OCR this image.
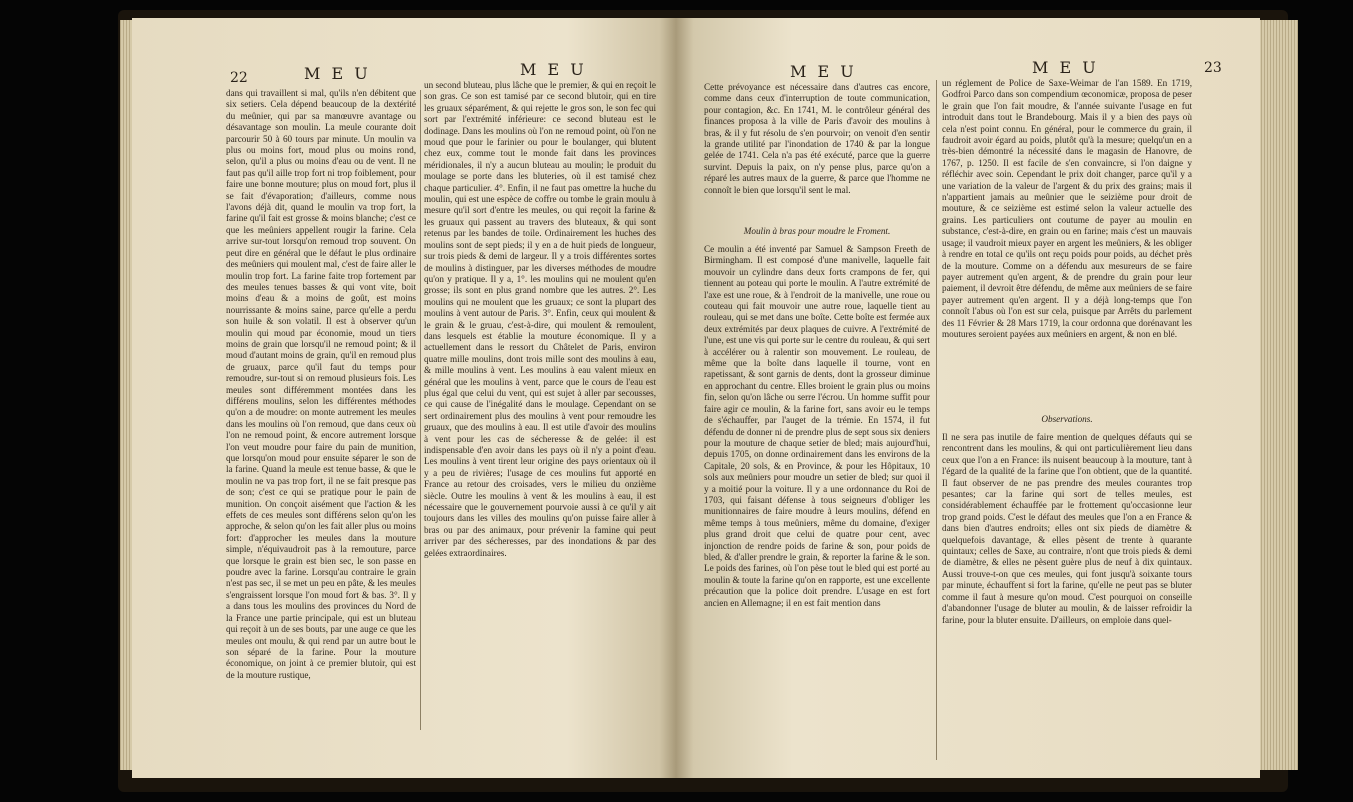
22	M E U	M E U
dans qui travaillent si mal, qu'ils n'en débitent que six setiers. Cela dépend beaucoup de la dextérité du meûnier, qui par sa manœuvre avantage ou désavantage son moulin. La meule courante doit parcourir 50 à 60 tours par minute. Un moulin va plus ou moins fort, moud plus ou moins rond, selon, qu'il a plus ou moins d'eau ou de vent. Il ne faut pas qu'il aille trop fort ni trop foiblement, pour faire une bonne mouture; plus on moud fort, plus il se fait d'évaporation; d'ailleurs, comme nous l'avons déjà dit, quand le moulin va trop fort, la farine qu'il fait est grosse & moins blanche; c'est ce que les meûniers appellent rougir la farine. Cela arrive sur-tout lorsqu'on remoud trop souvent. On peut dire en général que le défaut le plus ordinaire des meûniers qui moulent mal, c'est de faire aller le moulin trop fort. La farine faite trop fortement par des meules tenues basses & qui vont vite, boit moins d'eau & a moins de goût, est moins nourrissante & moins saine, parce qu'elle a perdu son huile & son volatil. Il est à observer qu'un moulin qui moud par économie, moud un tiers moins de grain que lorsqu'il ne remoud point; & il moud d'autant moins de grain, qu'il en remoud plus de gruaux, parce qu'il faut du temps pour remoudre, sur-tout si on remoud plusieurs fois. Les meules sont différemment montées dans les différens moulins, selon les différentes méthodes qu'on a de moudre: on monte autrement les meules dans les moulins où l'on remoud, que dans ceux où l'on ne remoud point, & encore autrement lorsque l'on veut moudre pour faire du pain de munition, que lorsqu'on moud pour ensuite séparer le son de la farine. Quand la meule est tenue basse, & que le moulin ne va pas trop fort, il ne se fait presque pas de son; c'est ce qui se pratique pour le pain de munition. On conçoit aisément que l'action & les effets de ces meules sont différens selon qu'on les approche, & selon qu'on les fait aller plus ou moins fort: d'approcher les meules dans la mouture simple, n'équivaudroit pas à la remouture, parce que lorsque le grain est bien sec, le son passe en poudre avec la farine. Lorsqu'au contraire le grain n'est pas sec, il se met un peu en pâte, & les meules s'engraissent lorsque l'on moud fort & bas. 3°. Il y a dans tous les moulins des provinces du Nord de la France une partie principale, qui est un bluteau qui reçoit à un de ses bouts, par une auge ce que les meules ont moulu, & qui rend par un autre bout le son séparé de la farine. Pour la mouture économique, on joint à ce premier blutoir, qui est de la mouture rustique,
un second bluteau, plus lâche que le premier, & qui en reçoit le son gras. Ce son est tamisé par ce second blutoir, qui en tire les gruaux séparément, & qui rejette le gros son, le son fec qui sort par l'extrémité inférieure: ce second bluteau est le dodinage. Dans les moulins où l'on ne remoud point, où l'on ne moud que pour le farinier ou pour le boulanger, qui blutent chez eux, comme tout le monde fait dans les provinces méridionales, il n'y a aucun bluteau au moulin; le produit du moulage se porte dans les bluteries, où il est tamisé chez chaque particulier. 4°. Enfin, il ne faut pas omettre la huche du moulin, qui est une espèce de coffre ou tombe le grain moulu à mesure qu'il sort d'entre les meules, ou qui reçoit la farine & les gruaux qui passent au travers des bluteaux, & qui sont retenus par les bandes de toile. Ordinairement les huches des moulins sont de sept pieds; il y en a de huit pieds de longueur, sur trois pieds & demi de largeur. Il y a trois différentes sortes de moulins à distinguer, par les diverses méthodes de moudre qu'on y pratique. Il y a, 1°. les moulins qui ne moulent qu'en grosse; ils sont en plus grand nombre que les autres. 2°. Les moulins qui ne moulent que les gruaux; ce sont la plupart des moulins à vent autour de Paris. 3°. Enfin, ceux qui moulent & le grain & le gruau, c'est-à-dire, qui moulent & remoulent, dans lesquels est établie la mouture économique. Il y a actuellement dans le ressort du Châtelet de Paris, environ quatre mille moulins, dont trois mille sont des moulins à eau, & mille moulins à vent. Les moulins à eau valent mieux en général que les moulins à vent, parce que le cours de l'eau est plus égal que celui du vent, qui est sujet à aller par secousses, ce qui cause de l'inégalité dans le moulage. Cependant on se sert ordinairement plus des moulins à vent pour remoudre les gruaux, que des moulins à eau. Il est utile d'avoir des moulins à vent pour les cas de sécheresse & de gelée: il est indispensable d'en avoir dans les pays où il n'y a point d'eau. Les moulins à vent tirent leur origine des pays orientaux où il y a peu de rivières; l'usage de ces moulins fut apporté en France au retour des croisades, vers le milieu du onzième siècle. Outre les moulins à vent & les moulins à eau, il est nécessaire que le gouvernement pourvoie aussi à ce qu'il y ait toujours dans les villes des moulins qu'on puisse faire aller à bras ou par des animaux, pour prévenir la famine qui peut arriver par des sécheresses, par des inondations & par des gelées extraordinaires.
M E U	M E U	23
Cette prévoyance est nécessaire dans d'autres cas encore, comme dans ceux d'interruption de toute communication, pour contagion, &c. En 1741, M. le contrôleur général des finances proposa à la ville de Paris d'avoir des moulins à bras, & il y fut résolu de s'en pourvoir; on venoit d'en sentir la grande utilité par l'inondation de 1740 & par la longue gelée de 1741. Cela n'a pas été exécuté, parce que la guerre survint. Depuis la paix, on n'y pense plus, parce qu'on a réparé les autres maux de la guerre, & parce que l'homme ne connoît le bien que lorsqu'il sent le mal.
Moulin à bras pour moudre le Froment.
Ce moulin a été inventé par Samuel & Sampson Freeth de Birmingham. Il est composé d'une manivelle, laquelle fait mouvoir un cylindre dans deux forts crampons de fer, qui tiennent au poteau qui porte le moulin. A l'autre extrémité de l'axe est une roue, & à l'endroit de la manivelle, une roue ou couteau qui fait mouvoir une autre roue, laquelle tient au rouleau, qui se met dans une boîte. Cette boîte est fermée aux deux extrémités par deux plaques de cuivre. A l'extrémité de l'une, est une vis qui porte sur le centre du rouleau, & qui sert à accélérer ou à ralentir son mouvement. Le rouleau, de même que la boîte dans laquelle il tourne, vont en rapetissant, & sont garnis de dents, dont la grosseur diminue en approchant du centre. Elles broient le grain plus ou moins fin, selon qu'on lâche ou serre l'écrou. Un homme suffit pour faire agir ce moulin, & la farine fort, sans avoir eu le temps de s'échauffer, par l'auget de la trémie. En 1574, il fut défendu de donner ni de prendre plus de sept sous six deniers pour la mouture de chaque setier de bled; mais aujourd'hui, depuis 1705, on donne ordinairement dans les environs de la Capitale, 20 sols, & en Province, & pour les Hôpitaux, 10 sols aux meûniers pour moudre un setier de bled; sur quoi il y a moitié pour la voiture. Il y a une ordonnance du Roi de 1703, qui faisant défense à tous seigneurs d'obliger les munitionnaires de faire moudre à leurs moulins, défend en même temps à tous meûniers, même du domaine, d'exiger plus grand droit que celui de quatre pour cent, avec injonction de rendre poids de farine & son, pour poids de bled, & d'aller prendre le grain, & reporter la farine & le son. Le poids des farines, où l'on pèse tout le bled qui est porté au moulin & toute la farine qu'on en rapporte, est une excellente précaution que la police doit prendre. L'usage en est fort ancien en Allemagne; il en est fait mention dans
un réglement de Police de Saxe-Weimar de l'an 1589. En 1719, Godfroi Parco dans son compendium œconomicæ, proposa de peser le grain que l'on fait moudre, & l'année suivante l'usage en fut introduit dans tout le Brandebourg. Mais il y a bien des pays où cela n'est point connu. En général, pour le commerce du grain, il faudroit avoir égard au poids, plutôt qu'à la mesure; quelqu'un en a très-bien démontré la nécessité dans le magasin de Hanovre, de 1767, p. 1250. Il est facile de s'en convaincre, si l'on daigne y réfléchir avec soin. Cependant le prix doit changer, parce qu'il y a une variation de la valeur de l'argent & du prix des grains; mais il n'appartient jamais au meûnier que le seizième pour droit de mouture, & ce seizième est estimé selon la valeur actuelle des grains. Les particuliers ont coutume de payer au moulin en substance, c'est-à-dire, en grain ou en farine; mais c'est un mauvais usage; il vaudroit mieux payer en argent les meûniers, & les obliger à rendre en total ce qu'ils ont reçu poids pour poids, au déchet près de la mouture. Comme on a défendu aux mesureurs de se faire payer autrement qu'en argent, & de prendre du grain pour leur paiement, il devroit être défendu, de même aux meûniers de se faire payer autrement qu'en argent. Il y a déjà long-temps que l'on connoît l'abus où l'on est sur cela, puisque par Arrêts du parlement des 11 Février & 28 Mars 1719, la cour ordonna que dorénavant les moutures seroient payées aux meûniers en argent, & non en blé.
Observations.
Il ne sera pas inutile de faire mention de quelques défauts qui se rencontrent dans les moulins, & qui ont particulièrement lieu dans ceux que l'on a en France: ils nuisent beaucoup à la mouture, tant à l'égard de la qualité de la farine que l'on obtient, que de la quantité. Il faut observer de ne pas prendre des meules courantes trop pesantes; car la farine qui sort de telles meules, est considérablement échauffée par le frottement qu'occasionne leur trop grand poids. C'est le défaut des meules que l'on a en France & dans bien d'autres endroits; elles ont six pieds de diamètre & quelquefois davantage, & elles pèsent de trente à quarante quintaux; celles de Saxe, au contraire, n'ont que trois pieds & demi de diamètre, & elles ne pèsent guère plus de neuf à dix quintaux. Aussi trouve-t-on que ces meules, qui font jusqu'à soixante tours par minute, échauffent si fort la farine, qu'elle ne peut pas se bluter comme il faut à mesure qu'on moud. C'est pourquoi on conseille d'abandonner l'usage de bluter au moulin, & de laisser refroidir la farine, pour la bluter ensuite. D'ailleurs, on emploie dans quel-
